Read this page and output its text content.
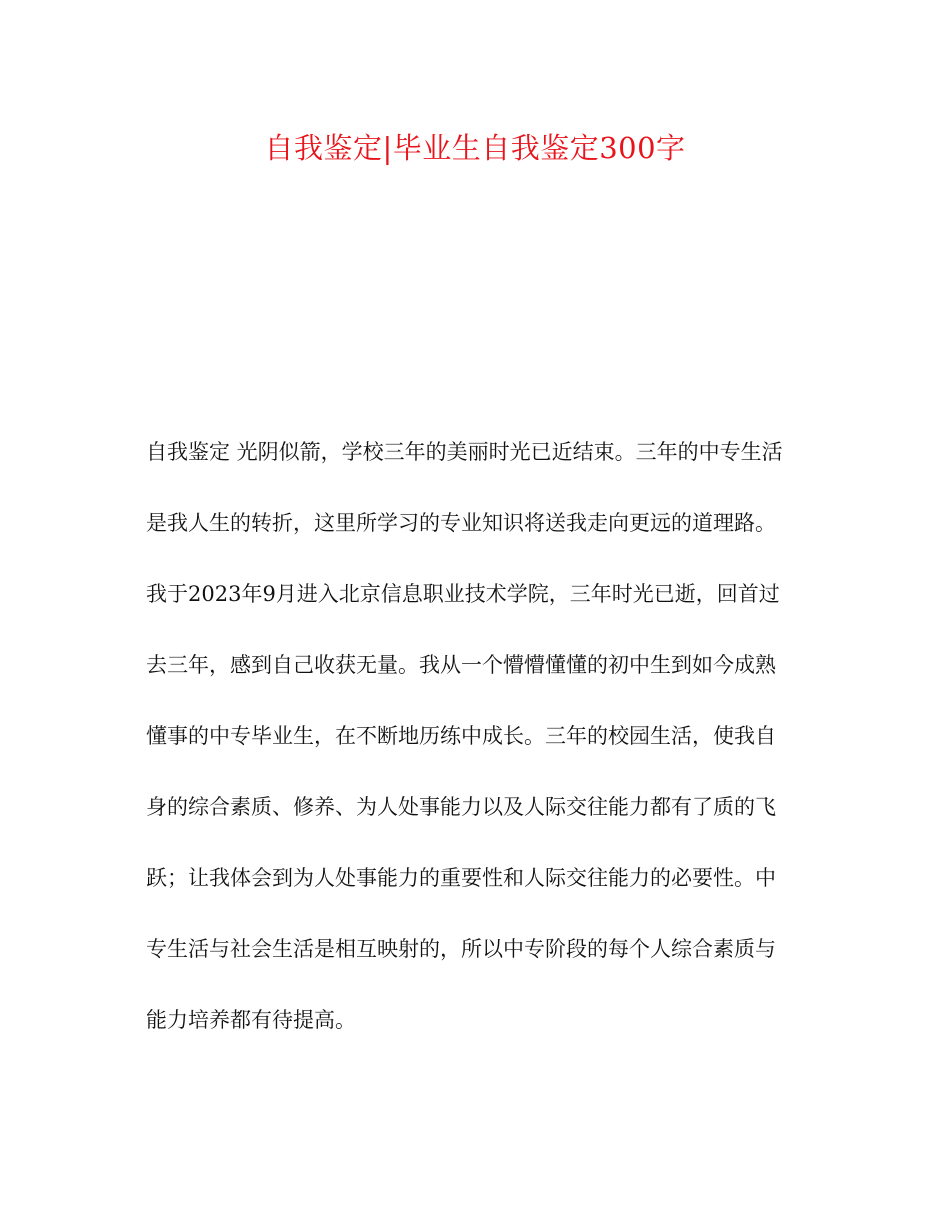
自我鉴定|毕业生自我鉴定300字
自我鉴定 光阴似箭，学校三年的美丽时光已近结束。三年的中专生活
是我人生的转折，这里所学习的专业知识将送我走向更远的道理路。
我于2023年9月进入北京信息职业技术学院，三年时光已逝，回首过
去三年，感到自己收获无量。我从一个懵懵懂懂的初中生到如今成熟
懂事的中专毕业生，在不断地历练中成长。三年的校园生活，使我自
身的综合素质、修养、为人处事能力以及人际交往能力都有了质的飞
跃；让我体会到为人处事能力的重要性和人际交往能力的必要性。中
专生活与社会生活是相互映射的，所以中专阶段的每个人综合素质与
能力培养都有待提高。
